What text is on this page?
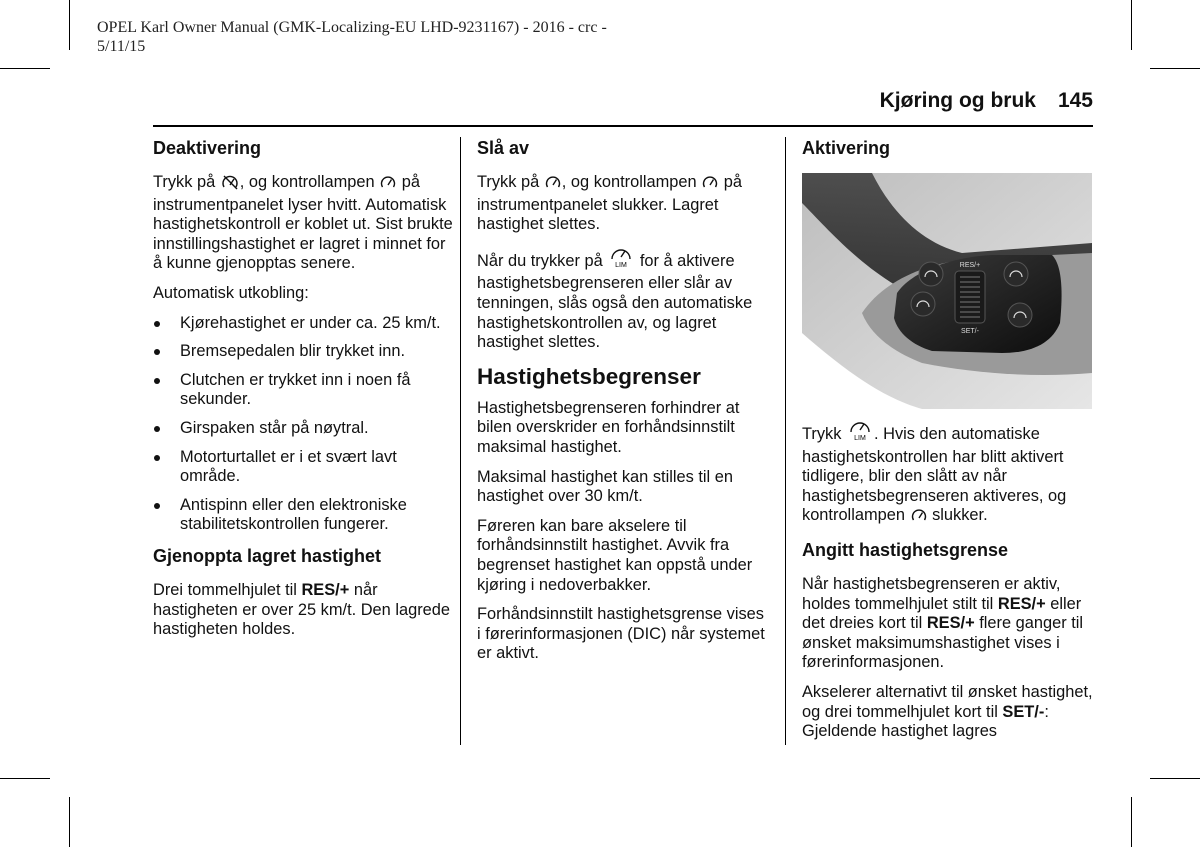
OPEL Karl Owner Manual (GMK-Localizing-EU LHD-9231167) - 2016 - crc - 5/11/15
Kjøring og bruk 145
Deaktivering

Trykk på , og kontrollampen  på instrumentpanelet lyser hvitt. Automatisk hastighetskontroll er koblet ut. Sist brukte innstillingshastighet er lagret i minnet for å kunne gjenopptas senere.

Automatisk utkobling:

Kjørehastighet er under ca. 25 km/t.
Bremsepedalen blir trykket inn.
Clutchen er trykket inn i noen få sekunder.
Girspaken står på nøytral.
Motorturtallet er i et svært lavt område.
Antispinn eller den elektroniske stabilitetskontrollen fungerer.
Gjenoppta lagret hastighet

Drei tommelhjulet til RES/+ når hastigheten er over 25 km/t. Den lagrede hastigheten holdes.

Slå av

Trykk på , og kontrollampen  på instrumentpanelet slukker. Lagret hastighet slettes.

Når du trykker på LIM for å aktivere hastighetsbegrenseren eller slår av tenningen, slås også den automatiske hastighetskontrollen av, og lagret hastighet slettes.

Hastighetsbegrenser

Hastighetsbegrenseren forhindrer at bilen overskrider en forhåndsinnstilt maksimal hastighet.

Maksimal hastighet kan stilles til en hastighet over 30 km/t.

Føreren kan bare akselere til forhåndsinnstilt hastighet. Avvik fra begrenset hastighet kan oppstå under kjøring i nedoverbakker.

Forhåndsinnstilt hastighetsgrense vises i førerinformasjonen (DIC) når systemet er aktivt.

Aktivering
RES/+
SET/-

Trykk LIM . Hvis den automatiske hastighetskontrollen har blitt aktivert tidligere, blir den slått av når hastighetsbegrenseren aktiveres, og kontrollampen  slukker.

Angitt hastighetsgrense

Når hastighetsbegrenseren er aktiv, holdes tommelhjulet stilt til RES/+ eller det dreies kort til RES/+ flere ganger til ønsket maksimumshastighet vises i førerinformasjonen.

Akselerer alternativt til ønsket hastighet, og drei tommelhjulet kort til SET/-: Gjeldende hastighet lagres
